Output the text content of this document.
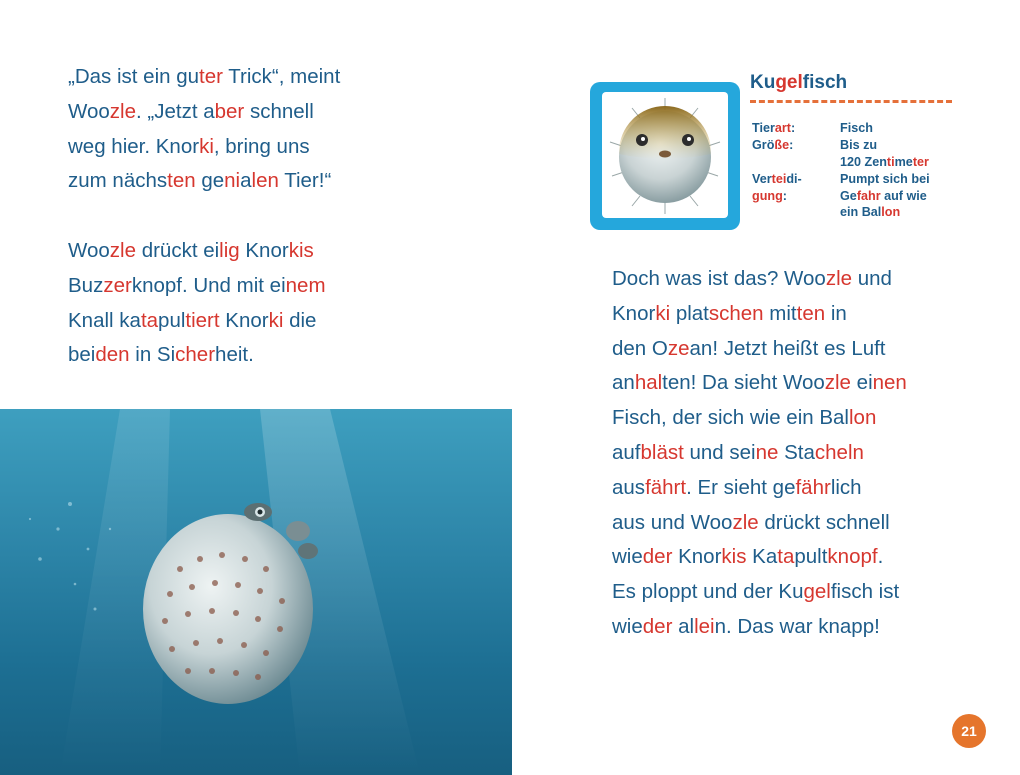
„Das ist ein guter Trick“, meint

Woozle. „Jetzt aber schnell

weg hier. Knorki, bring uns

zum nächsten genialen Tier!“

Woozle drückt eilig Knorkis

Buzzerknopf. Und mit einem

Knall katapultiert Knorki die

beiden in Sicherheit.

Kugelfisch
Tierart:	Fisch
Größe:	Bis zu
120 Zentimeter
Verteidi-
gung:
Pumpt sich bei
Gefahr auf wie
ein Ballon

Doch was ist das? Woozle und

Knorki platschen mitten in

den Ozean! Jetzt heißt es Luft

anhalten! Da sieht Woozle einen

Fisch, der sich wie ein Ballon

aufbläst und seine Stacheln

ausfährt. Er sieht gefährlich

aus und Woozle drückt schnell

wieder Knorkis Katapultknopf.

Es ploppt und der Kugelfisch ist

wieder allein. Das war knapp!

21
